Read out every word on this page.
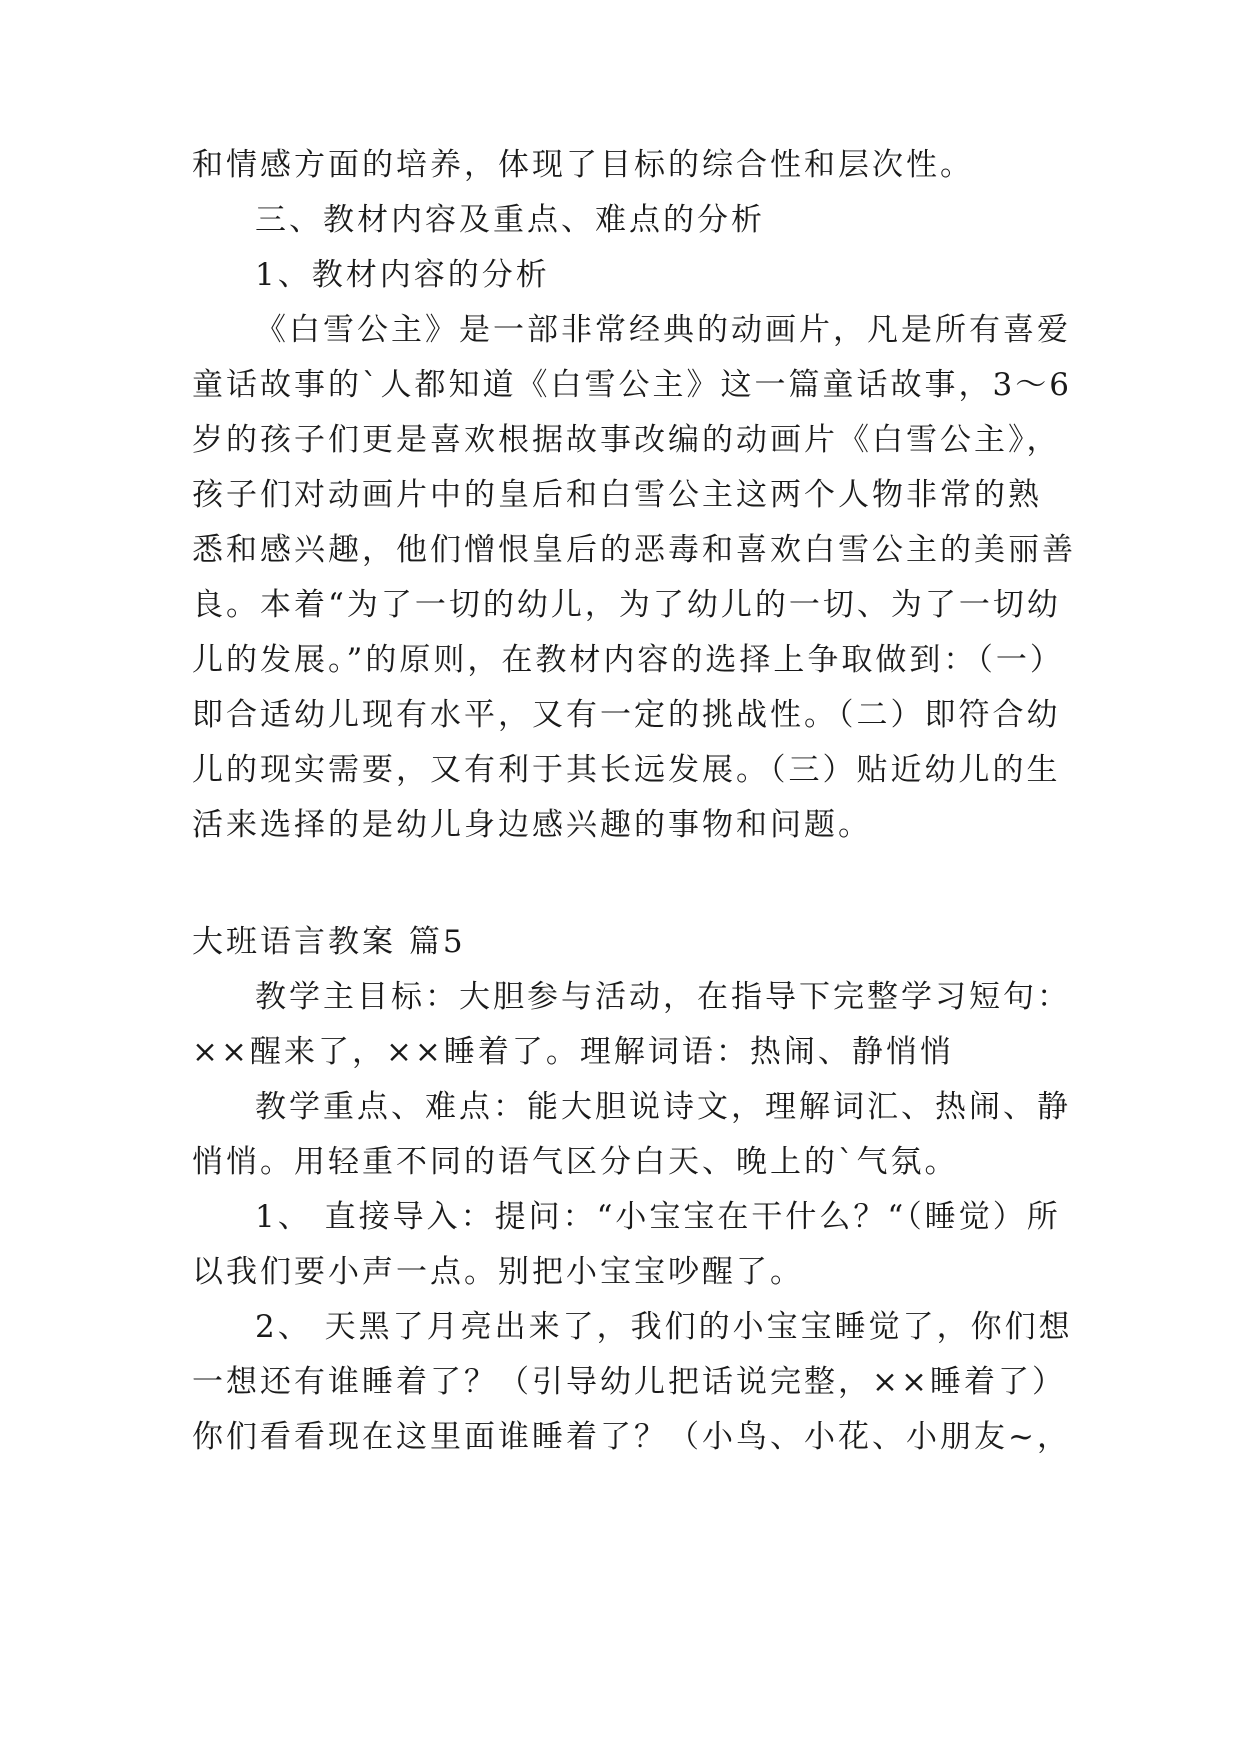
和情感方面的培养，体现了目标的综合性和层次性。
三、教材内容及重点、难点的分析
1、教材内容的分析
《白雪公主》是一部非常经典的动画片，凡是所有喜爱
童话故事的`人都知道《白雪公主》这一篇童话故事，3～6
岁的孩子们更是喜欢根据故事改编的动画片《白雪公主》，
孩子们对动画片中的皇后和白雪公主这两个人物非常的熟
悉和感兴趣，他们憎恨皇后的恶毒和喜欢白雪公主的美丽善
良。本着“为了一切的幼儿，为了幼儿的一切、为了一切幼
儿的发展。”的原则，在教材内容的选择上争取做到：（一）
即合适幼儿现有水平，又有一定的挑战性。（二）即符合幼
儿的现实需要，又有利于其长远发展。（三）贴近幼儿的生
活来选择的是幼儿身边感兴趣的事物和问题。
大班语言教案 篇5
教学主目标：大胆参与活动，在指导下完整学习短句：
××醒来了，××睡着了。理解词语：热闹、静悄悄
教学重点、难点：能大胆说诗文，理解词汇、热闹、静
悄悄。用轻重不同的语气区分白天、晚上的`气氛。
1、 直接导入：提问：“小宝宝在干什么？“（睡觉）所
以我们要小声一点。别把小宝宝吵醒了。
2、 天黑了月亮出来了，我们的小宝宝睡觉了，你们想
一想还有谁睡着了？（引导幼儿把话说完整，××睡着了）
你们看看现在这里面谁睡着了？（小鸟、小花、小朋友~，
